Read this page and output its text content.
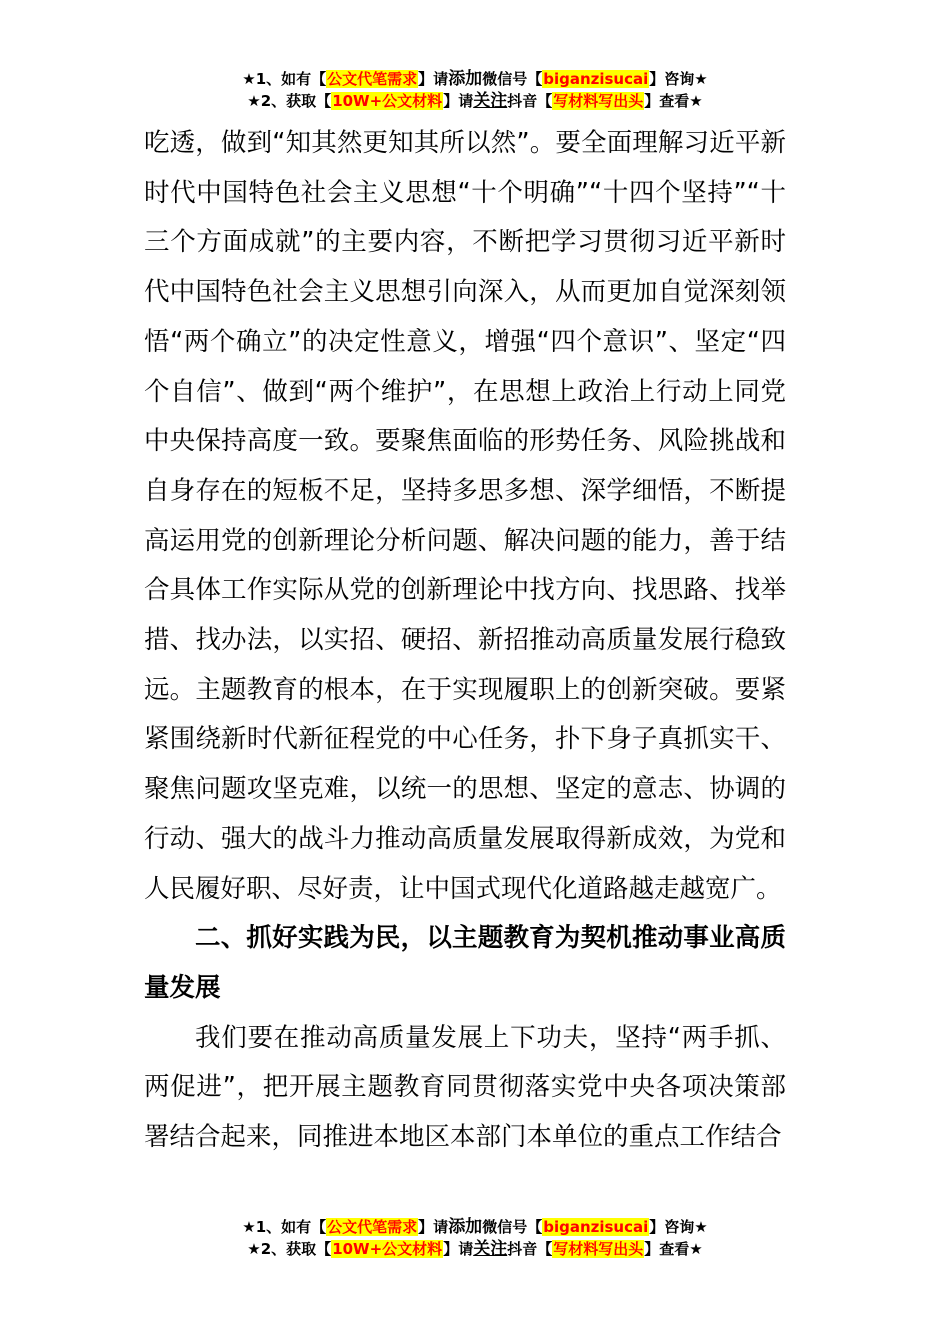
★1、如有【公文代笔需求】请添加微信号【biganzisucai】咨询★
★2、获取【10W+公文材料】请关注抖音【写材料写出头】查看★

吃透，做到“知其然更知其所以然”。要全面理解习近平新时代中国特色社会主义思想“十个明确”“十四个坚持”“十三个方面成就”的主要内容，不断把学习贯彻习近平新时代中国特色社会主义思想引向深入，从而更加自觉深刻领悟“两个确立”的决定性意义，增强“四个意识”、坚定“四个自信”、做到“两个维护”，在思想上政治上行动上同党中央保持高度一致。要聚焦面临的形势任务、风险挑战和自身存在的短板不足，坚持多思多想、深学细悟，不断提高运用党的创新理论分析问题、解决问题的能力，善于结合具体工作实际从党的创新理论中找方向、找思路、找举措、找办法，以实招、硬招、新招推动高质量发展行稳致远。主题教育的根本，在于实现履职上的创新突破。要紧紧围绕新时代新征程党的中心任务，扑下身子真抓实干、聚焦问题攻坚克难，以统一的思想、坚定的意志、协调的行动、强大的战斗力推动高质量发展取得新成效，为党和人民履好职、尽好责，让中国式现代化道路越走越宽广。

二、抓好实践为民，以主题教育为契机推动事业高质量发展

我们要在推动高质量发展上下功夫，坚持“两手抓、两促进”，把开展主题教育同贯彻落实党中央各项决策部署结合起来，同推进本地区本部门本单位的重点工作结合

★1、如有【公文代笔需求】请添加微信号【biganzisucai】咨询★
★2、获取【10W+公文材料】请关注抖音【写材料写出头】查看★
